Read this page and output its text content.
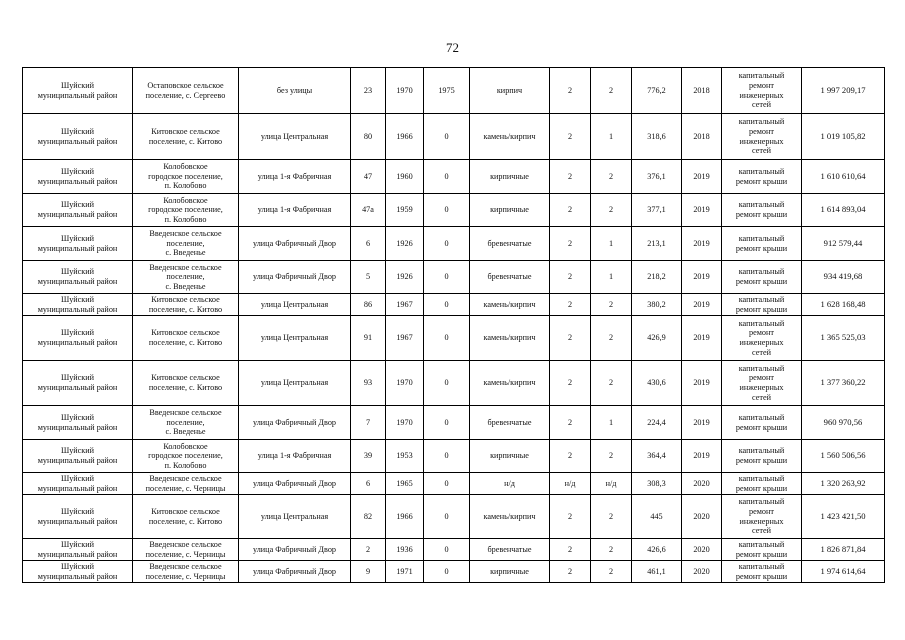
72
Шуйский
муниципальный район	Остаповское сельское
поселение, с. Сергеево	без улицы	23	1970	1975	кирпич	2	2	776,2	2018	капитальный
ремонт
инженерных
сетей	1 997 209,17
Шуйский
муниципальный район	Китовское сельское
поселение, с. Китово	улица Центральная	80	1966	0	камень/кирпич	2	1	318,6	2018	капитальный
ремонт
инженерных
сетей	1 019 105,82
Шуйский
муниципальный район	Колобовское
городское поселение,
п. Колобово	улица 1-я Фабричная	47	1960	0	кирпичные	2	2	376,1	2019	капитальный
ремонт крыши	1 610 610,64
Шуйский
муниципальный район	Колобовское
городское поселение,
п. Колобово	улица 1-я Фабричная	47а	1959	0	кирпичные	2	2	377,1	2019	капитальный
ремонт крыши	1 614 893,04
Шуйский
муниципальный район	Введенское сельское
поселение,
с. Введенье	улица Фабричный Двор	6	1926	0	бревенчатые	2	1	213,1	2019	капитальный
ремонт крыши	912 579,44
Шуйский
муниципальный район	Введенское сельское
поселение,
с. Введенье	улица Фабричный Двор	5	1926	0	бревенчатые	2	1	218,2	2019	капитальный
ремонт крыши	934 419,68
Шуйский
муниципальный район	Китовское сельское
поселение, с. Китово	улица Центральная	86	1967	0	камень/кирпич	2	2	380,2	2019	капитальный
ремонт крыши	1 628 168,48
Шуйский
муниципальный район	Китовское сельское
поселение, с. Китово	улица Центральная	91	1967	0	камень/кирпич	2	2	426,9	2019	капитальный
ремонт
инженерных
сетей	1 365 525,03
Шуйский
муниципальный район	Китовское сельское
поселение, с. Китово	улица Центральная	93	1970	0	камень/кирпич	2	2	430,6	2019	капитальный
ремонт
инженерных
сетей	1 377 360,22
Шуйский
муниципальный район	Введенское сельское
поселение,
с. Введенье	улица Фабричный Двор	7	1970	0	бревенчатые	2	1	224,4	2019	капитальный
ремонт крыши	960 970,56
Шуйский
муниципальный район	Колобовское
городское поселение,
п. Колобово	улица 1-я Фабричная	39	1953	0	кирпичные	2	2	364,4	2019	капитальный
ремонт крыши	1 560 506,56
Шуйский
муниципальный район	Введенское сельское
поселение, с. Черницы	улица Фабричный Двор	6	1965	0	н/д	н/д	н/д	308,3	2020	капитальный
ремонт крыши	1 320 263,92
Шуйский
муниципальный район	Китовское сельское
поселение, с. Китово	улица Центральная	82	1966	0	камень/кирпич	2	2	445	2020	капитальный
ремонт
инженерных
сетей	1 423 421,50
Шуйский
муниципальный район	Введенское сельское
поселение, с. Черницы	улица Фабричный Двор	2	1936	0	бревенчатые	2	2	426,6	2020	капитальный
ремонт крыши	1 826 871,84
Шуйский
муниципальный район	Введенское сельское
поселение, с. Черницы	улица Фабричный Двор	9	1971	0	кирпичные	2	2	461,1	2020	капитальный
ремонт крыши	1 974 614,64
